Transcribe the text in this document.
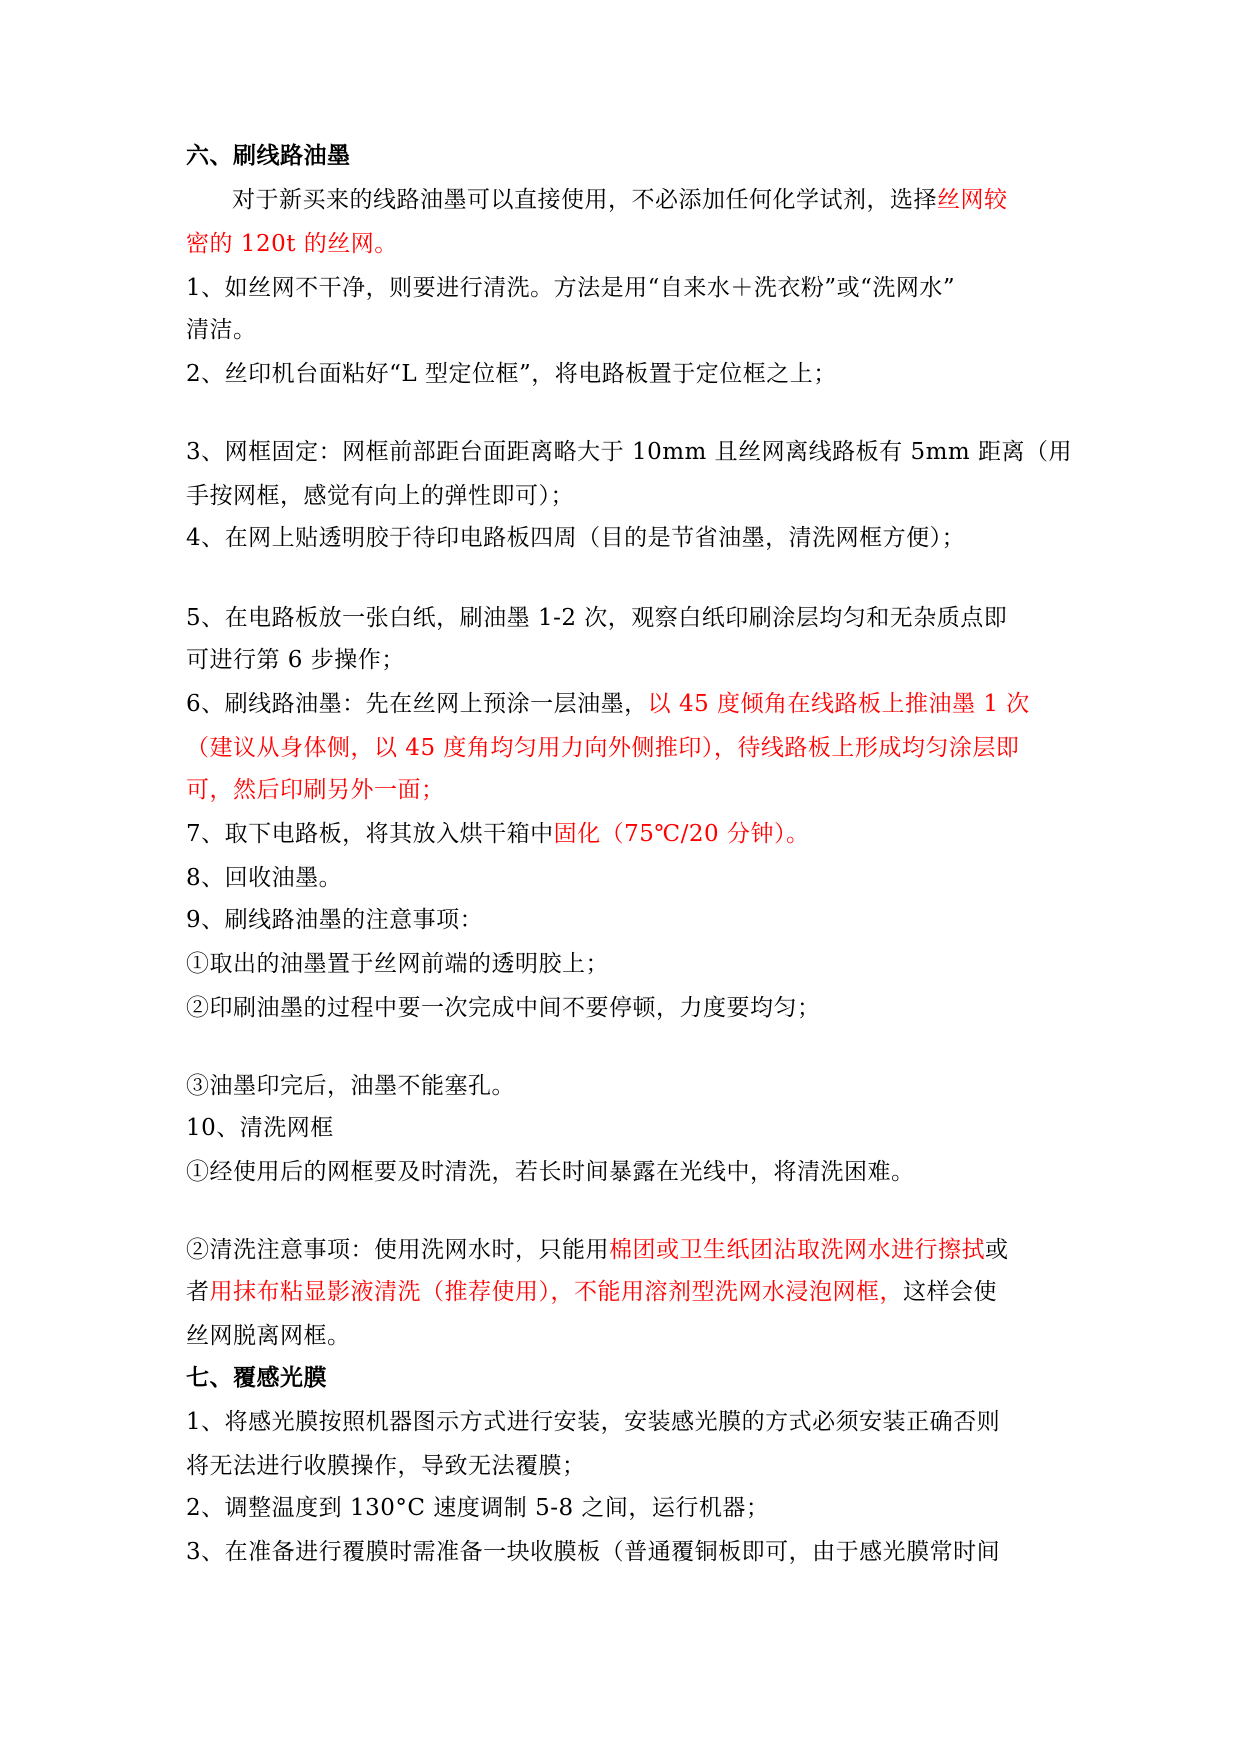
六、刷线路油墨
对于新买来的线路油墨可以直接使用，不必添加任何化学试剂，选择丝网较
密的 120t 的丝网。
1、如丝网不干净，则要进行清洗。方法是用“自来水＋洗衣粉”或“洗网水”
清洁。
2、丝印机台面粘好“L 型定位框”，将电路板置于定位框之上；
3、网框固定：网框前部距台面距离略大于 10mm 且丝网离线路板有 5mm 距离（用
手按网框，感觉有向上的弹性即可）；
4、在网上贴透明胶于待印电路板四周（目的是节省油墨，清洗网框方便）；
5、在电路板放一张白纸，刷油墨 1-2 次，观察白纸印刷涂层均匀和无杂质点即
可进行第 6 步操作；
6、刷线路油墨：先在丝网上预涂一层油墨，以 45 度倾角在线路板上推油墨 1 次
（建议从身体侧，以 45 度角均匀用力向外侧推印），待线路板上形成均匀涂层即
可，然后印刷另外一面；
7、取下电路板，将其放入烘干箱中固化（75℃/20 分钟）。
8、回收油墨。
9、刷线路油墨的注意事项：
①取出的油墨置于丝网前端的透明胶上；
②印刷油墨的过程中要一次完成中间不要停顿，力度要均匀；
③油墨印完后，油墨不能塞孔。
10、清洗网框
①经使用后的网框要及时清洗，若长时间暴露在光线中，将清洗困难。
②清洗注意事项：使用洗网水时，只能用棉团或卫生纸团沾取洗网水进行擦拭或
者用抹布粘显影液清洗（推荐使用），不能用溶剂型洗网水浸泡网框，这样会使
丝网脱离网框。
七、覆感光膜
1、将感光膜按照机器图示方式进行安装，安装感光膜的方式必须安装正确否则
将无法进行收膜操作，导致无法覆膜；
2、调整温度到 130°C 速度调制 5-8 之间，运行机器；
3、在准备进行覆膜时需准备一块收膜板（普通覆铜板即可，由于感光膜常时间
